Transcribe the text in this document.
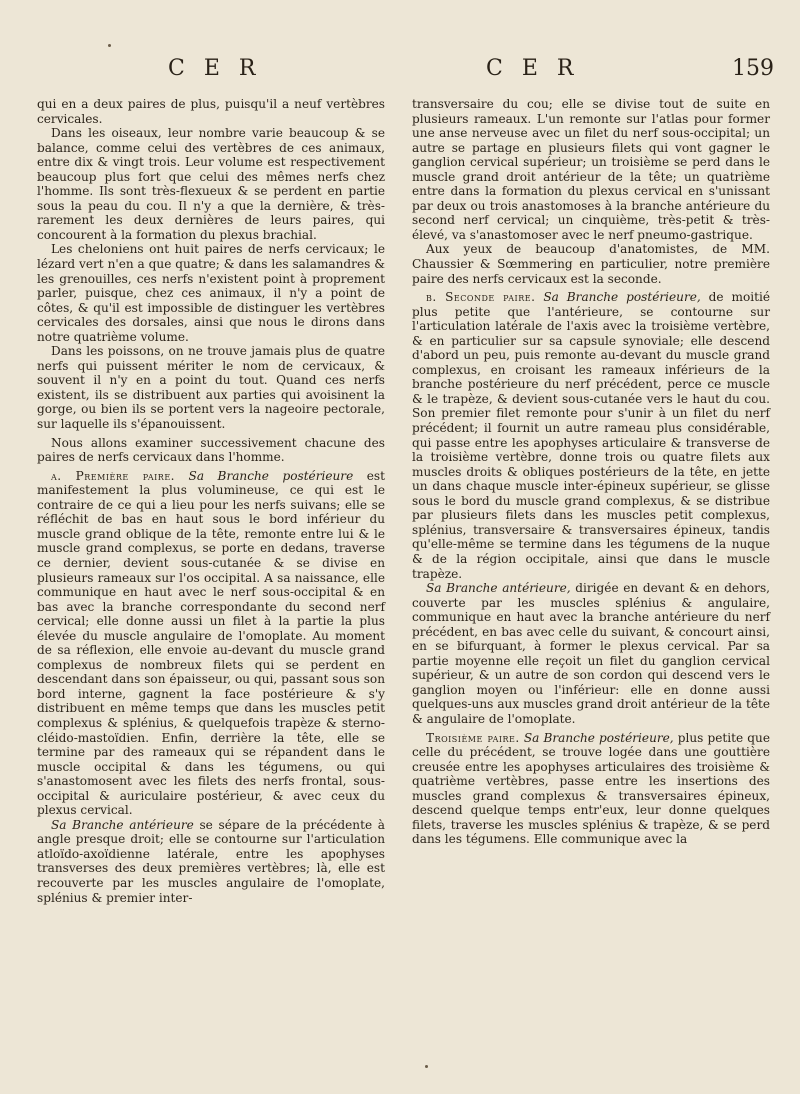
C E R	C E R	159

qui en a deux paires de plus, puisqu'il a neuf vertèbres cervicales.

Dans les oiseaux, leur nombre varie beaucoup & se balance, comme celui des vertèbres de ces animaux, entre dix & vingt trois. Leur volume est respectivement beaucoup plus fort que celui des mêmes nerfs chez l'homme. Ils sont très-flexueux & se perdent en partie sous la peau du cou. Il n'y a que la dernière, & très-rarement les deux dernières de leurs paires, qui concourent à la formation du plexus brachial.

Les cheloniens ont huit paires de nerfs cervicaux; le lézard vert n'en a que quatre; & dans les salamandres & les grenouilles, ces nerfs n'existent point à proprement parler, puisque, chez ces animaux, il n'y a point de côtes, & qu'il est impossible de distinguer les vertèbres cervicales des dorsales, ainsi que nous le dirons dans notre quatrième volume.

Dans les poissons, on ne trouve jamais plus de quatre nerfs qui puissent mériter le nom de cervicaux, & souvent il n'y en a point du tout. Quand ces nerfs existent, ils se distribuent aux parties qui avoisinent la gorge, ou bien ils se portent vers la nageoire pectorale, sur laquelle ils s'épanouissent.

Nous allons examiner successivement chacune des paires de nerfs cervicaux dans l'homme.

a. Première paire. Sa Branche postérieure est manifestement la plus volumineuse, ce qui est le contraire de ce qui a lieu pour les nerfs suivans; elle se réfléchit de bas en haut sous le bord inférieur du muscle grand oblique de la tête, remonte entre lui & le muscle grand complexus, se porte en dedans, traverse ce dernier, devient sous-cutanée & se divise en plusieurs rameaux sur l'os occipital. A sa naissance, elle communique en haut avec le nerf sous-occipital & en bas avec la branche correspondante du second nerf cervical; elle donne aussi un filet à la partie la plus élevée du muscle angulaire de l'omoplate. Au moment de sa réflexion, elle envoie au-devant du muscle grand complexus de nombreux filets qui se perdent en descendant dans son épaisseur, ou qui, passant sous son bord interne, gagnent la face postérieure & s'y distribuent en même temps que dans les muscles petit complexus & splénius, & quelquefois trapèze & sterno-cléido-mastoïdien. Enfin, derrière la tête, elle se termine par des rameaux qui se répandent dans le muscle occipital & dans les tégumens, ou qui s'anastomosent avec les filets des nerfs frontal, sous-occipital & auriculaire postérieur, & avec ceux du plexus cervical.

Sa Branche antérieure se sépare de la précédente à angle presque droit; elle se contourne sur l'articulation atloïdo-axoïdienne latérale, entre les apophyses transverses des deux premières vertèbres; là, elle est recouverte par les muscles angulaire de l'omoplate, splénius & premier inter-

transversaire du cou; elle se divise tout de suite en plusieurs rameaux. L'un remonte sur l'atlas pour former une anse nerveuse avec un filet du nerf sous-occipital; un autre se partage en plusieurs filets qui vont gagner le ganglion cervical supérieur; un troisième se perd dans le muscle grand droit antérieur de la tête; un quatrième entre dans la formation du plexus cervical en s'unissant par deux ou trois anastomoses à la branche antérieure du second nerf cervical; un cinquième, très-petit & très-élevé, va s'anastomoser avec le nerf pneumo-gastrique.

Aux yeux de beaucoup d'anatomistes, de MM. Chaussier & Sœmmering en particulier, notre première paire des nerfs cervicaux est la seconde.

b. Seconde paire. Sa Branche postérieure, de moitié plus petite que l'antérieure, se contourne sur l'articulation latérale de l'axis avec la troisième vertèbre, & en particulier sur sa capsule synoviale; elle descend d'abord un peu, puis remonte au-devant du muscle grand complexus, en croisant les rameaux inférieurs de la branche postérieure du nerf précédent, perce ce muscle & le trapèze, & devient sous-cutanée vers le haut du cou. Son premier filet remonte pour s'unir à un filet du nerf précédent; il fournit un autre rameau plus considérable, qui passe entre les apophyses articulaire & transverse de la troisième vertèbre, donne trois ou quatre filets aux muscles droits & obliques postérieurs de la tête, en jette un dans chaque muscle inter-épineux supérieur, se glisse sous le bord du muscle grand complexus, & se distribue par plusieurs filets dans les muscles petit complexus, splénius, transversaire & transversaires épineux, tandis qu'elle-même se termine dans les tégumens de la nuque & de la région occipitale, ainsi que dans le muscle trapèze.

Sa Branche antérieure, dirigée en devant & en dehors, couverte par les muscles splénius & angulaire, communique en haut avec la branche antérieure du nerf précédent, en bas avec celle du suivant, & concourt ainsi, en se bifurquant, à former le plexus cervical. Par sa partie moyenne elle reçoit un filet du ganglion cervical supérieur, & un autre de son cordon qui descend vers le ganglion moyen ou l'inférieur: elle en donne aussi quelques-uns aux muscles grand droit antérieur de la tête & angulaire de l'omoplate.

Troisième paire. Sa Branche postérieure, plus petite que celle du précédent, se trouve logée dans une gouttière creusée entre les apophyses articulaires des troisième & quatrième vertèbres, passe entre les insertions des muscles grand complexus & transversaires épineux, descend quelque temps entr'eux, leur donne quelques filets, traverse les muscles splénius & trapèze, & se perd dans les tégumens. Elle communique avec la
